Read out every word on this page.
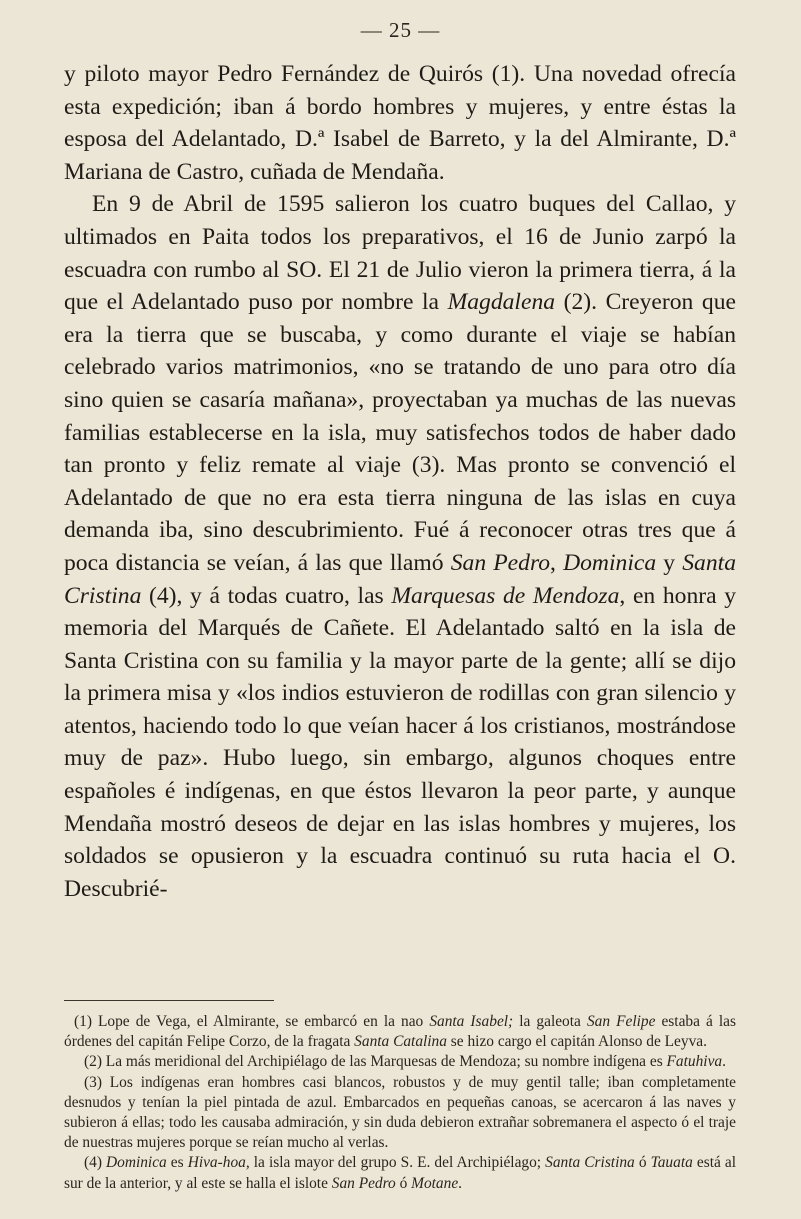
— 25 —

y piloto mayor Pedro Fernández de Quirós (1). Una novedad ofrecía esta expedición; iban á bordo hombres y mujeres, y entre éstas la esposa del Adelantado, D.ª Isabel de Barreto, y la del Almirante, D.ª Mariana de Castro, cuñada de Mendaña.

En 9 de Abril de 1595 salieron los cuatro buques del Callao, y ultimados en Paita todos los preparativos, el 16 de Junio zarpó la escuadra con rumbo al SO. El 21 de Julio vieron la primera tierra, á la que el Adelantado puso por nombre la Magdalena (2). Creyeron que era la tierra que se buscaba, y como durante el viaje se habían celebrado varios matrimonios, «no se tratando de uno para otro día sino quien se casaría mañana», proyectaban ya muchas de las nuevas familias establecerse en la isla, muy satisfechos todos de haber dado tan pronto y feliz remate al viaje (3). Mas pronto se convenció el Adelantado de que no era esta tierra ninguna de las islas en cuya demanda iba, sino descubrimiento. Fué á reconocer otras tres que á poca distancia se veían, á las que llamó San Pedro, Dominica y Santa Cristina (4), y á todas cuatro, las Marquesas de Mendoza, en honra y memoria del Marqués de Cañete. El Adelantado saltó en la isla de Santa Cristina con su familia y la mayor parte de la gente; allí se dijo la primera misa y «los indios estuvieron de rodillas con gran silencio y atentos, haciendo todo lo que veían hacer á los cristianos, mostrándose muy de paz». Hubo luego, sin embargo, algunos choques entre españoles é indígenas, en que éstos llevaron la peor parte, y aunque Mendaña mostró deseos de dejar en las islas hombres y mujeres, los soldados se opusieron y la escuadra continuó su ruta hacia el O. Descubrié-

(1) Lope de Vega, el Almirante, se embarcó en la nao Santa Isabel; la galeota San Felipe estaba á las órdenes del capitán Felipe Corzo, de la fragata Santa Catalina se hizo cargo el capitán Alonso de Leyva.

(2) La más meridional del Archipiélago de las Marquesas de Mendoza; su nombre indígena es Fatuhiva.

(3) Los indígenas eran hombres casi blancos, robustos y de muy gentil talle; iban completamente desnudos y tenían la piel pintada de azul. Embarcados en pequeñas canoas, se acercaron á las naves y subieron á ellas; todo les causaba admiración, y sin duda debieron extrañar sobremanera el aspecto ó el traje de nuestras mujeres porque se reían mucho al verlas.

(4) Dominica es Hiva-hoa, la isla mayor del grupo S. E. del Archipiélago; Santa Cristina ó Tauata está al sur de la anterior, y al este se halla el islote San Pedro ó Motane.
